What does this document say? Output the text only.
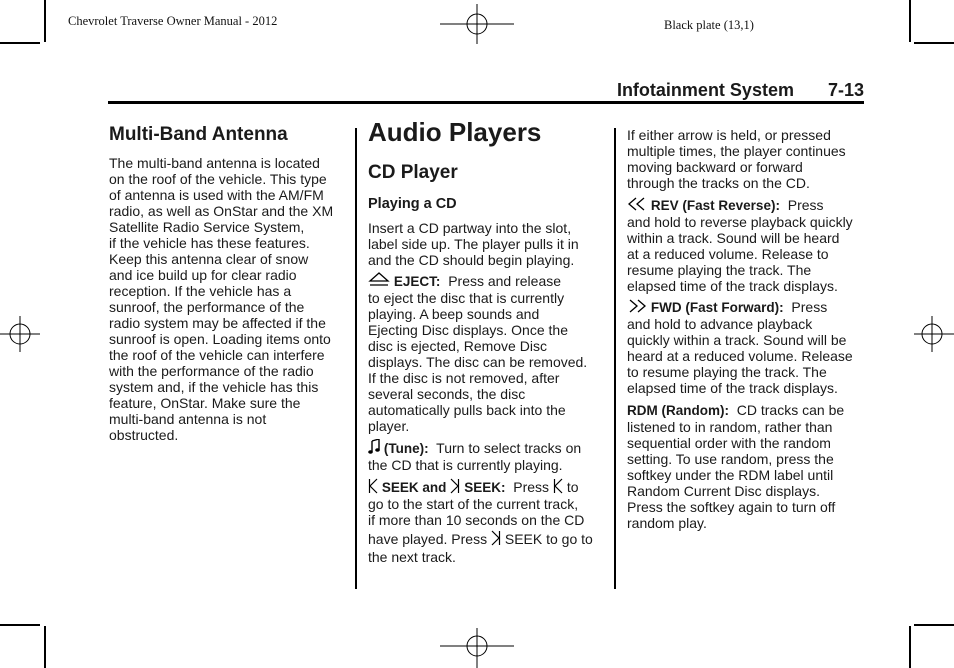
Chevrolet Traverse Owner Manual - 2012	Black plate (13,1)
Infotainment System 7-13
Multi-Band Antenna

The multi-band antenna is located

on the roof of the vehicle. This type

of antenna is used with the AM/FM

radio, as well as OnStar and the XM

Satellite Radio Service System,

if the vehicle has these features.

Keep this antenna clear of snow

and ice build up for clear radio

reception. If the vehicle has a

sunroof, the performance of the

radio system may be affected if the

sunroof is open. Loading items onto

the roof of the vehicle can interfere

with the performance of the radio

system and, if the vehicle has this

feature, OnStar. Make sure the

multi-band antenna is not

obstructed.

Audio Players
CD Player
Playing a CD

Insert a CD partway into the slot,

label side up. The player pulls it in

and the CD should begin playing.

EJECT: Press and release

to eject the disc that is currently

playing. A beep sounds and

Ejecting Disc displays. Once the

disc is ejected, Remove Disc

displays. The disc can be removed.

If the disc is not removed, after

several seconds, the disc

automatically pulls back into the

player.

(Tune): Turn to select tracks on

the CD that is currently playing.

SEEK and SEEK: Press to

go to the start of the current track,

if more than 10 seconds on the CD

have played. Press SEEK to go to

the next track.

If either arrow is held, or pressed

multiple times, the player continues

moving backward or forward

through the tracks on the CD.

REV (Fast Reverse): Press

and hold to reverse playback quickly

within a track. Sound will be heard

at a reduced volume. Release to

resume playing the track. The

elapsed time of the track displays.

FWD (Fast Forward): Press

and hold to advance playback

quickly within a track. Sound will be

heard at a reduced volume. Release

to resume playing the track. The

elapsed time of the track displays.

RDM (Random): CD tracks can be

listened to in random, rather than

sequential order with the random

setting. To use random, press the

softkey under the RDM label until

Random Current Disc displays.

Press the softkey again to turn off

random play.
